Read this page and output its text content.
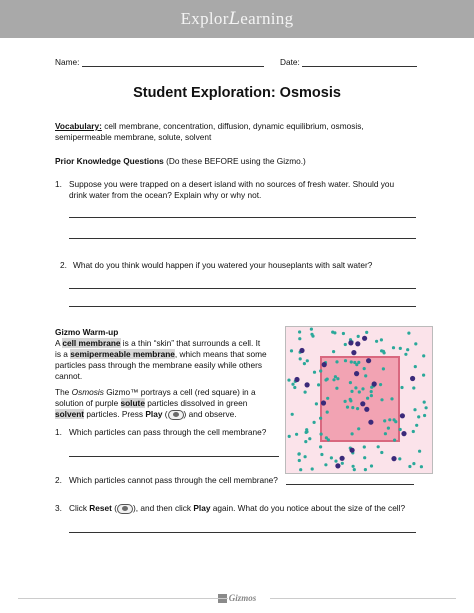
ExplorLearning
Name:	Date:
Student Exploration: Osmosis
Vocabulary: cell membrane, concentration, diffusion, dynamic equilibrium, osmosis,
semipermeable membrane, solute, solvent
Prior Knowledge Questions (Do these BEFORE using the Gizmo.)
1. Suppose you were trapped on a desert island with no sources of fresh water. Should you
drink water from the ocean? Explain why or why not.
2. What do you think would happen if you watered your houseplants with salt water?
Gizmo Warm-up
A cell membrane is a thin “skin” that surrounds a cell. It
is a semipermeable membrane, which means that some
particles pass through the membrane easily while others
cannot.
The Osmosis Gizmo™ portrays a cell (red square) in a
solution of purple solute particles dissolved in green
solvent particles. Press Play ( ) and observe.
1. Which particles can pass through the cell membrane?
2. Which particles cannot pass through the cell membrane?
3. Click Reset ( ), and then click Play again. What do you notice about the size of the cell?
Gizmos
